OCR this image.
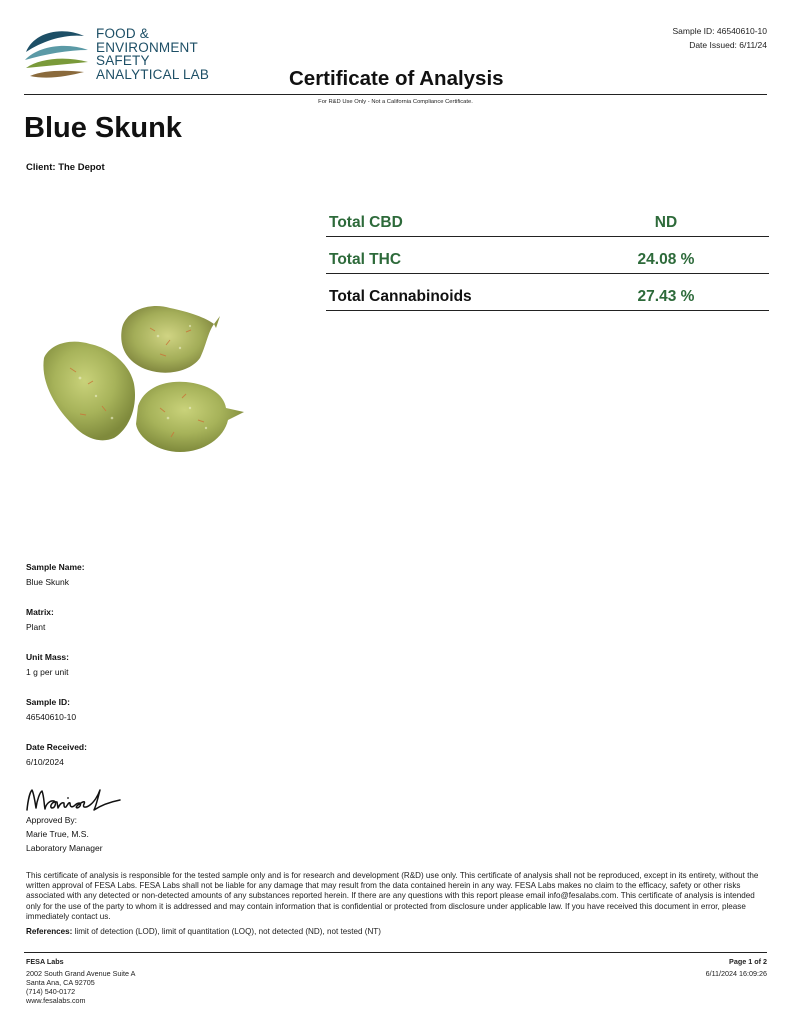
FOOD &
ENVIRONMENT
SAFETY
ANALYTICAL LAB
Sample ID: 46540610-10
Date Issued: 6/11/24
Certificate of Analysis
For R&D Use Only - Not a California Compliance Certificate.
Blue Skunk
Client: The Depot
Total CBD	ND
Total THC	24.08 %
Total Cannabinoids	27.43 %
Sample Name:
Blue Skunk
Matrix:
Plant
Unit Mass:
1 g per unit
Sample ID:
46540610-10
Date Received:
6/10/2024
Approved By:
Marie True, M.S.
Laboratory Manager
This certificate of analysis is responsible for the tested sample only and is for research and development (R&D) use only. This certificate of analysis shall not be reproduced, except in its entirety, without the written approval of FESA Labs. FESA Labs shall not be liable for any damage that may result from the data contained herein in any way. FESA Labs makes no claim to the efficacy, safety or other risks associated with any detected or non-detected amounts of any substances reported herein. If there are any questions with this report please email info@fesalabs.com. This certificate of analysis is intended only for the use of the party to whom it is addressed and may contain information that is confidential or protected from disclosure under applicable law. If you have received this document in error, please immediately contact us.
References: limit of detection (LOD), limit of quantitation (LOQ), not detected (ND), not tested (NT)
FESA Labs
2002 South Grand Avenue Suite A
Santa Ana, CA 92705
(714) 540-0172
www.fesalabs.com
Page 1 of 2
6/11/2024 16:09:26
